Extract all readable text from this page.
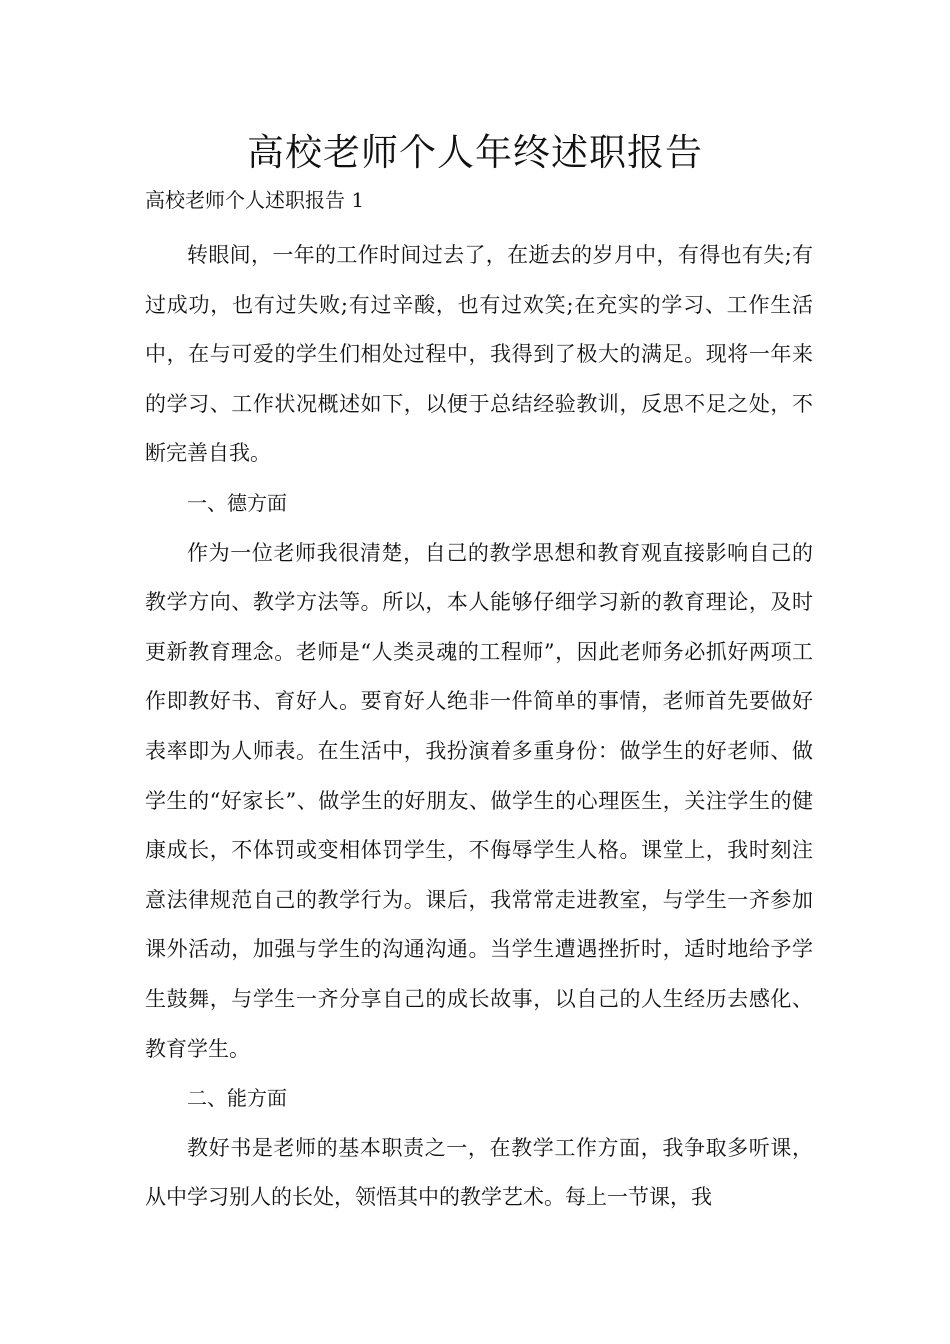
高校老师个人年终述职报告

高校老师个人述职报告 1

转眼间，一年的工作时间过去了，在逝去的岁月中，有得也有失;有过成功，也有过失败;有过辛酸，也有过欢笑;在充实的学习、工作生活中，在与可爱的学生们相处过程中，我得到了极大的满足。现将一年来的学习、工作状况概述如下，以便于总结经验教训，反思不足之处，不断完善自我。

一、德方面

作为一位老师我很清楚，自己的教学思想和教育观直接影响自己的教学方向、教学方法等。所以，本人能够仔细学习新的教育理论，及时更新教育理念。老师是“人类灵魂的工程师”，因此老师务必抓好两项工作即教好书、育好人。要育好人绝非一件简单的事情，老师首先要做好表率即为人师表。在生活中，我扮演着多重身份：做学生的好老师、做学生的“好家长”、做学生的好朋友、做学生的心理医生，关注学生的健康成长，不体罚或变相体罚学生，不侮辱学生人格。课堂上，我时刻注意法律规范自己的教学行为。课后，我常常走进教室，与学生一齐参加课外活动，加强与学生的沟通沟通。当学生遭遇挫折时，适时地给予学生鼓舞，与学生一齐分享自己的成长故事，以自己的人生经历去感化、教育学生。

二、能方面

教好书是老师的基本职责之一，在教学工作方面，我争取多听课，从中学习别人的长处，领悟其中的教学艺术。每上一节课，我
